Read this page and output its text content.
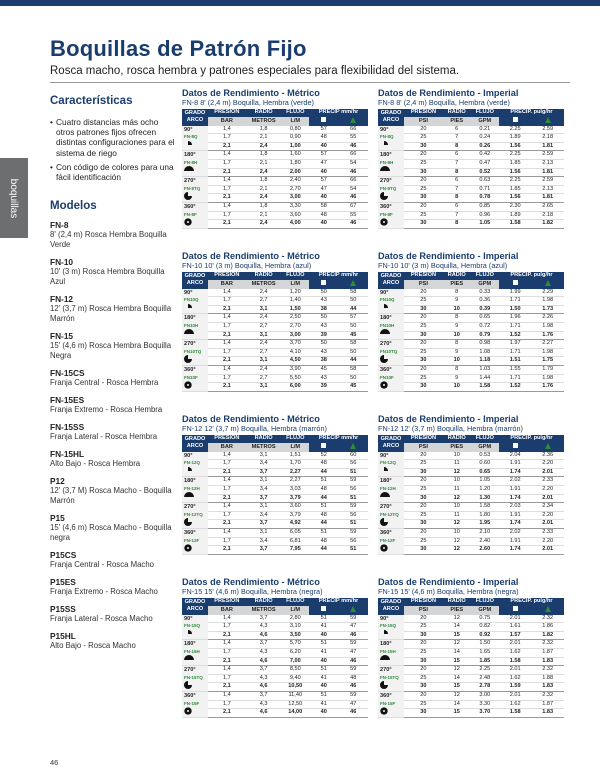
Boquillas de Patrón Fijo
Rosca macho, rosca hembra y patrones especiales para flexibilidad del sistema.
boquillas
Características
• Cuatro distancias más ocho otros patrones fijos ofrecen distintas configuraciones para el sistema de riego
• Con código de colores para una fácil identificación
Modelos
FN-8
8' (2,4 m) Rosca Hembra Boquilla Verde
FN-10
10' (3 m) Rosca Hembra Boquilla Azul
FN-12
12' (3,7 m) Rosca Hembra Boquilla Marrón
FN-15
15' (4,6 m) Rosca Hembra Boquilla Negra
FN-15CS
Franja Central - Rosca Hembra
FN-15ES
Franja Extremo - Rosca Hembra
FN-15SS
Franja Lateral - Rosca Hembra
FN-15HL
Alto Bajo - Rosca Hembra
P12
12' (3,7 M) Rosca Macho - Boquilla Marrón
P15
15' (4,6 m) Rosca Macho - Boquilla negra
P15CS
Franja Central - Rosca Macho
P15ES
Franja Extremo - Rosca Macho
P15SS
Franja Lateral - Rosca Macho
P15HL
Alto Bajo - Rosca Macho
Datos de Rendimiento - Métrico
FN-8 8' (2,4 m) Boquilla, Hembra (verde)
GRADO ARCO	PRESIÓN	RADIO	FLUJO	PRECIP mm/hr	
	BAR	METROS	L/M		
90°
FN-8Q	1,4	1,8	0,80	57	66
	1,7	2,1	0,90	48	55
	2,1	2,4	1,00	40	46
180°
FN-8H	1,4	1,8	1,60	57	66
	1,7	2,1	1,80	47	54
	2,1	2,4	2,00	40	46
270°
FN-8TQ	1,4	1,8	2,40	57	66
	1,7	2,1	2,70	47	54
	2,1	2,4	3,00	40	46
360°
FN-8F	1,4	1,8	3,30	58	67
	1,7	2,1	3,60	48	55
	2,1	2,4	4,00	40	46
Datos de Rendimiento - Imperial
FN-8 8' (2,4 m) Boquilla, Hembra (verde)
GRADO ARCO	PRESIÓN	RADIO	FLUJO	PRECIP. pulg/hr	
	PSI	PIES	GPM		
90°
FN-8Q	20	6	0.21	2.25	2.59
	25	7	0.24	1.89	2.18
	30	8	0.26	1.56	1.81
180°
FN-8H	20	6	0.42	2.25	2.59
	25	7	0.47	1.85	2.13
	30	8	0.52	1.56	1.81
270°
FN-8TQ	20	6	0.63	2.25	2.59
	25	7	0.71	1.85	2.13
	30	8	0.78	1.56	1.81
360°
FN-8F	20	6	0.85	2.30	2.65
	25	7	0.96	1.89	2.18
	30	8	1.05	1.58	1.82
Datos de Rendimiento - Métrico
FN-10 10' (3 m) Boquilla, Hembra (azul)
GRADO ARCO	PRESIÓN	RADIO	FLUJO	PRECIP mm/hr	
	BAR	METROS	L/M		
90°
FN10Q	1,4	2,4	1,20	50	58
	1,7	2,7	1,40	43	50
	2,1	3,1	1,50	38	44
180°
FN10H	1,4	2,4	2,50	50	57
	1,7	2,7	2,70	43	50
	2,1	3,1	3,00	39	45
270°
FN10TQ	1,4	2,4	3,70	50	58
	1,7	2,7	4,10	43	50
	2,1	3,1	4,50	38	44
360°
FN10F	1,4	2,4	3,90	45	58
	1,7	2,7	5,50	43	50
	2,1	3,1	6,00	39	45
Datos de Rendimiento - Imperial
FN-10 10' (3 m) Boquilla, Hembra (azul)
GRADO ARCO	PRESIÓN	RADIO	FLUJO	PRECIP. pulg/hr	
	PSI	PIES	GPM		
90°
FN10Q	20	8	0.33	1.99	2.29
	25	9	0.36	1.71	1.98
	30	10	0.39	1.50	1.73
180°
FN10H	20	8	0.65	1.96	2.26
	25	9	0.72	1.71	1.98
	30	10	0.79	1.52	1.76
270°
FN10TQ	20	8	0.98	1.97	2.27
	25	9	1.08	1.71	1.98
	30	10	1.18	1.51	1.75
360°
FN10F	20	8	1.03	1.55	1.79
	25	9	1.44	1.71	1.98
	30	10	1.58	1.52	1.76
Datos de Rendimiento - Métrico
FN-12 12' (3,7 m) Boquilla, Hembra (marrón)
GRADO ARCO	PRESIÓN	RADIO	FLUJO	PRECIP mm/hr	
	BAR	METROS	L/M		
90°
FN-12Q	1,4	3,1	1,51	52	60
	1,7	3,4	1,70	48	56
	2,1	3,7	2,27	44	51
180°
FN-12H	1,4	3,1	2,27	51	59
	1,7	3,4	3,03	48	56
	2,1	3,7	3,79	44	51
270°
FN-12TQ	1,4	3,1	3,60	51	59
	1,7	3,4	3,79	48	56
	2,1	3,7	4,92	44	51
360°
FN-12F	1,4	3,1	6,05	51	59
	1,7	3,4	6,81	48	56
	2,1	3,7	7,95	44	51
Datos de Rendimiento - Imperial
FN-12 12' (3,7 m) Boquilla, Hembra (marrón)
GRADO ARCO	PRESIÓN	RADIO	FLUJO	PRECIP. pulg/hr	
	PSI	PIES	GPM		
90°
FN-12Q	20	10	0.53	2.04	2.36
	25	11	0.60	1.91	2.20
	30	12	0.65	1.74	2.01
180°
FN-12H	20	10	1.05	2.02	2.33
	25	11	1.20	1.91	2.20
	30	12	1.30	1.74	2.01
270°
FN-12TQ	20	10	1.58	2.03	2.34
	25	11	1.80	1.91	2.20
	30	12	1.95	1.74	2.01
360°
FN-12F	20	10	2.10	2.02	2.33
	25	12	2.40	1.91	2.20
	30	12	2.60	1.74	2.01
Datos de Rendimiento - Métrico
FN-15 15' (4,6 m) Boquilla, Hembra (negra)
GRADO ARCO	PRESIÓN	RADIO	FLUJO	PRECIP mm/hr	
	BAR	METROS	L/M		
90°
FN-15Q	1,4	3,7	2,80	51	59
	1,7	4,3	3,10	41	47
	2,1	4,6	3,50	40	46
180°
FN-15H	1,4	3,7	5,70	51	59
	1,7	4,3	6,20	41	47
	2,1	4,6	7,00	40	46
270°
FN-15TQ	1,4	3,7	8,50	51	59
	1,7	4,3	9,40	41	48
	2,1	4,6	10,50	40	46
360°
FN-15F	1,4	3,7	11,40	51	59
	1,7	4,3	12,50	41	47
	2,1	4,6	14,00	40	46
Datos de Rendimiento - Imperial
FN-15 15' (4,6 m) Boquilla, Hembra (negra)
GRADO ARCO	PRESIÓN	RADIO	FLUJO	PRECIP. pulg/hr	
	PSI	PIES	GPM		
90°
FN-15Q	20	12	0.75	2.01	2.32
	25	14	0.82	1.61	1.86
	30	15	0.92	1.57	1.82
180°
FN-15H	20	12	1.50	2.01	2.32
	25	14	1.65	1.62	1.87
	30	15	1.85	1.58	1.83
270°
FN-15TQ	20	12	2.25	2.01	2.32
	25	14	2.48	1.62	1.88
	30	15	2.78	1.59	1.83
360°
FN-15F	20	12	3.00	2.01	2.32
	25	14	3.30	1.62	1.87
	30	15	3.70	1.58	1.83
46
